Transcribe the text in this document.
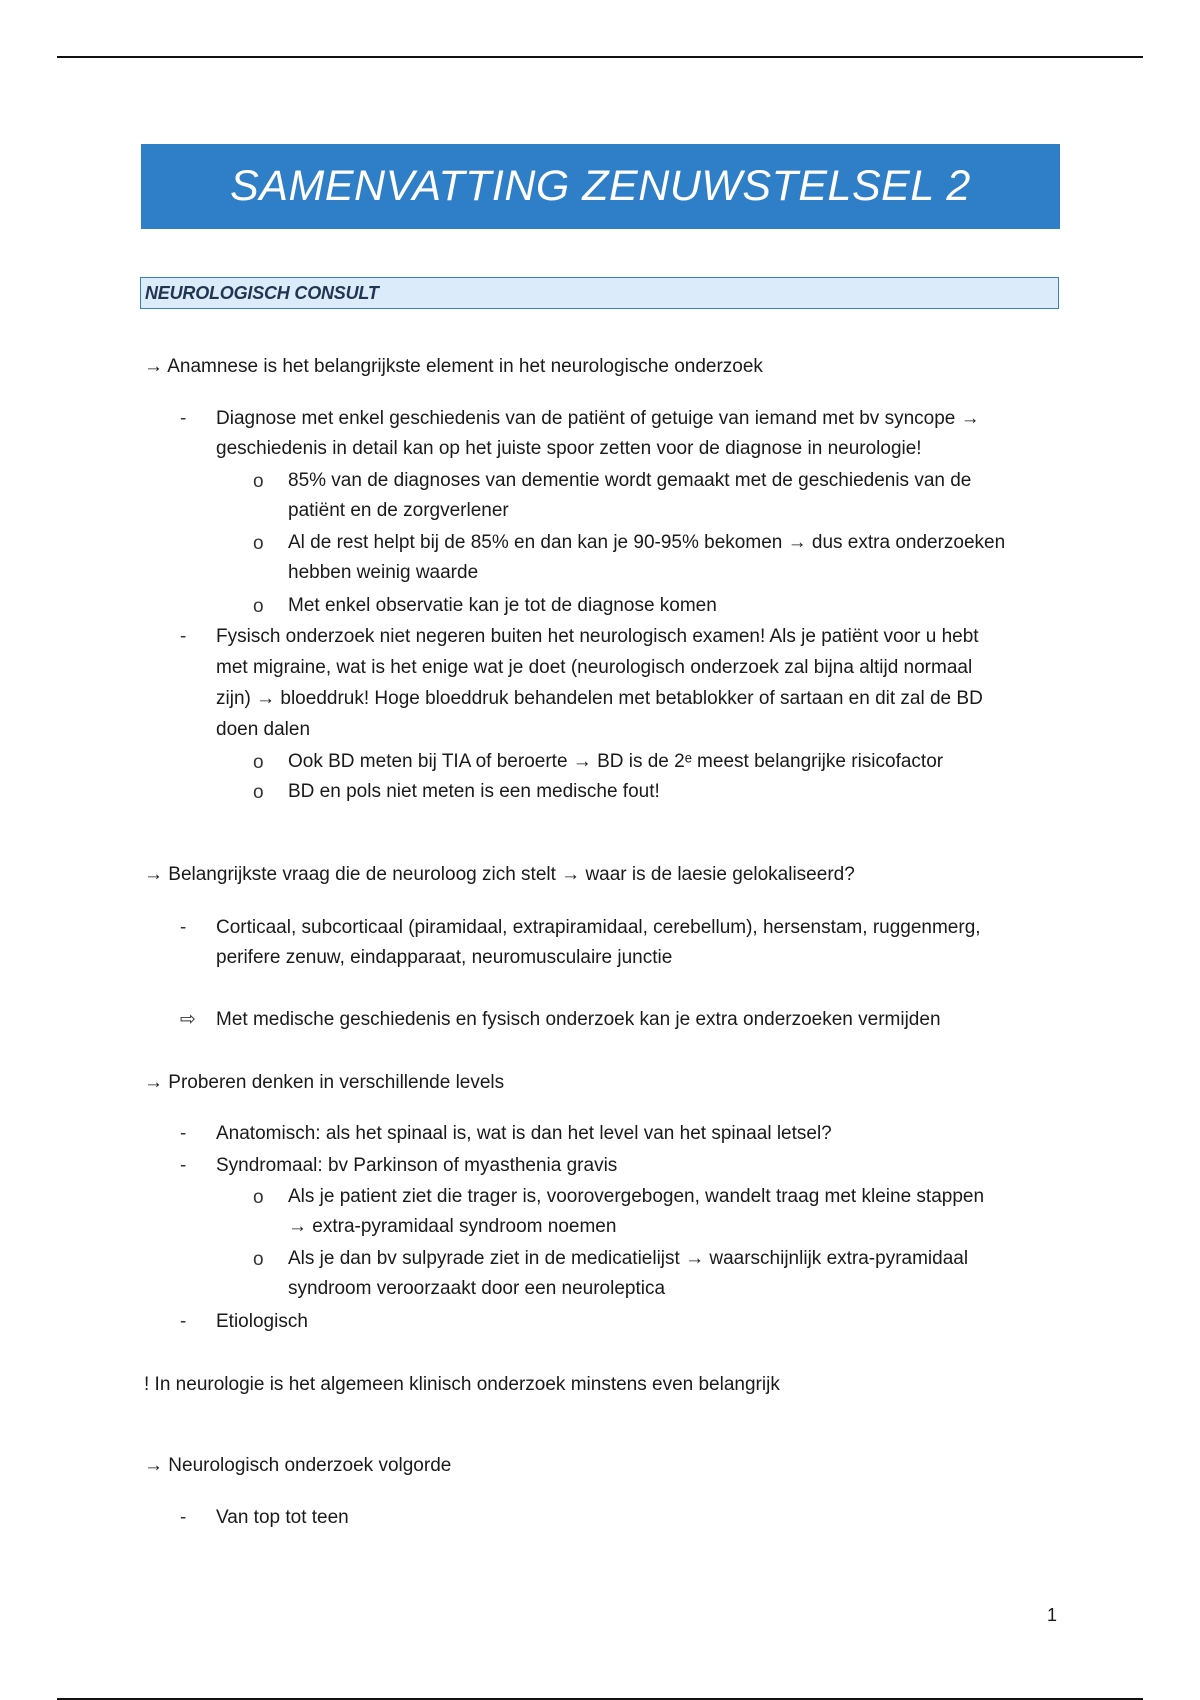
SAMENVATTING ZENUWSTELSEL 2
NEUROLOGISCH CONSULT
→ Anamnese is het belangrijkste element in het neurologische onderzoek
- Diagnose met enkel geschiedenis van de patiënt of getuige van iemand met bv syncope →
geschiedenis in detail kan op het juiste spoor zetten voor de diagnose in neurologie!
o 85% van de diagnoses van dementie wordt gemaakt met de geschiedenis van de
patiënt en de zorgverlener
o Al de rest helpt bij de 85% en dan kan je 90-95% bekomen → dus extra onderzoeken
hebben weinig waarde
o Met enkel observatie kan je tot de diagnose komen
- Fysisch onderzoek niet negeren buiten het neurologisch examen! Als je patiënt voor u hebt
met migraine, wat is het enige wat je doet (neurologisch onderzoek zal bijna altijd normaal
zijn) → bloeddruk! Hoge bloeddruk behandelen met betablokker of sartaan en dit zal de BD
doen dalen
o Ook BD meten bij TIA of beroerte → BD is de 2ᵉ meest belangrijke risicofactor
o BD en pols niet meten is een medische fout!
→ Belangrijkste vraag die de neuroloog zich stelt → waar is de laesie gelokaliseerd?
- Corticaal, subcorticaal (piramidaal, extrapiramidaal, cerebellum), hersenstam, ruggenmerg,
perifere zenuw, eindapparaat, neuromusculaire junctie
⇨ Met medische geschiedenis en fysisch onderzoek kan je extra onderzoeken vermijden
→ Proberen denken in verschillende levels
- Anatomisch: als het spinaal is, wat is dan het level van het spinaal letsel?
- Syndromaal: bv Parkinson of myasthenia gravis
o Als je patient ziet die trager is, voorovergebogen, wandelt traag met kleine stappen
→ extra-pyramidaal syndroom noemen
o Als je dan bv sulpyrade ziet in de medicatielijst → waarschijnlijk extra-pyramidaal
syndroom veroorzaakt door een neuroleptica
- Etiologisch
! In neurologie is het algemeen klinisch onderzoek minstens even belangrijk
→ Neurologisch onderzoek volgorde
- Van top tot teen
1
